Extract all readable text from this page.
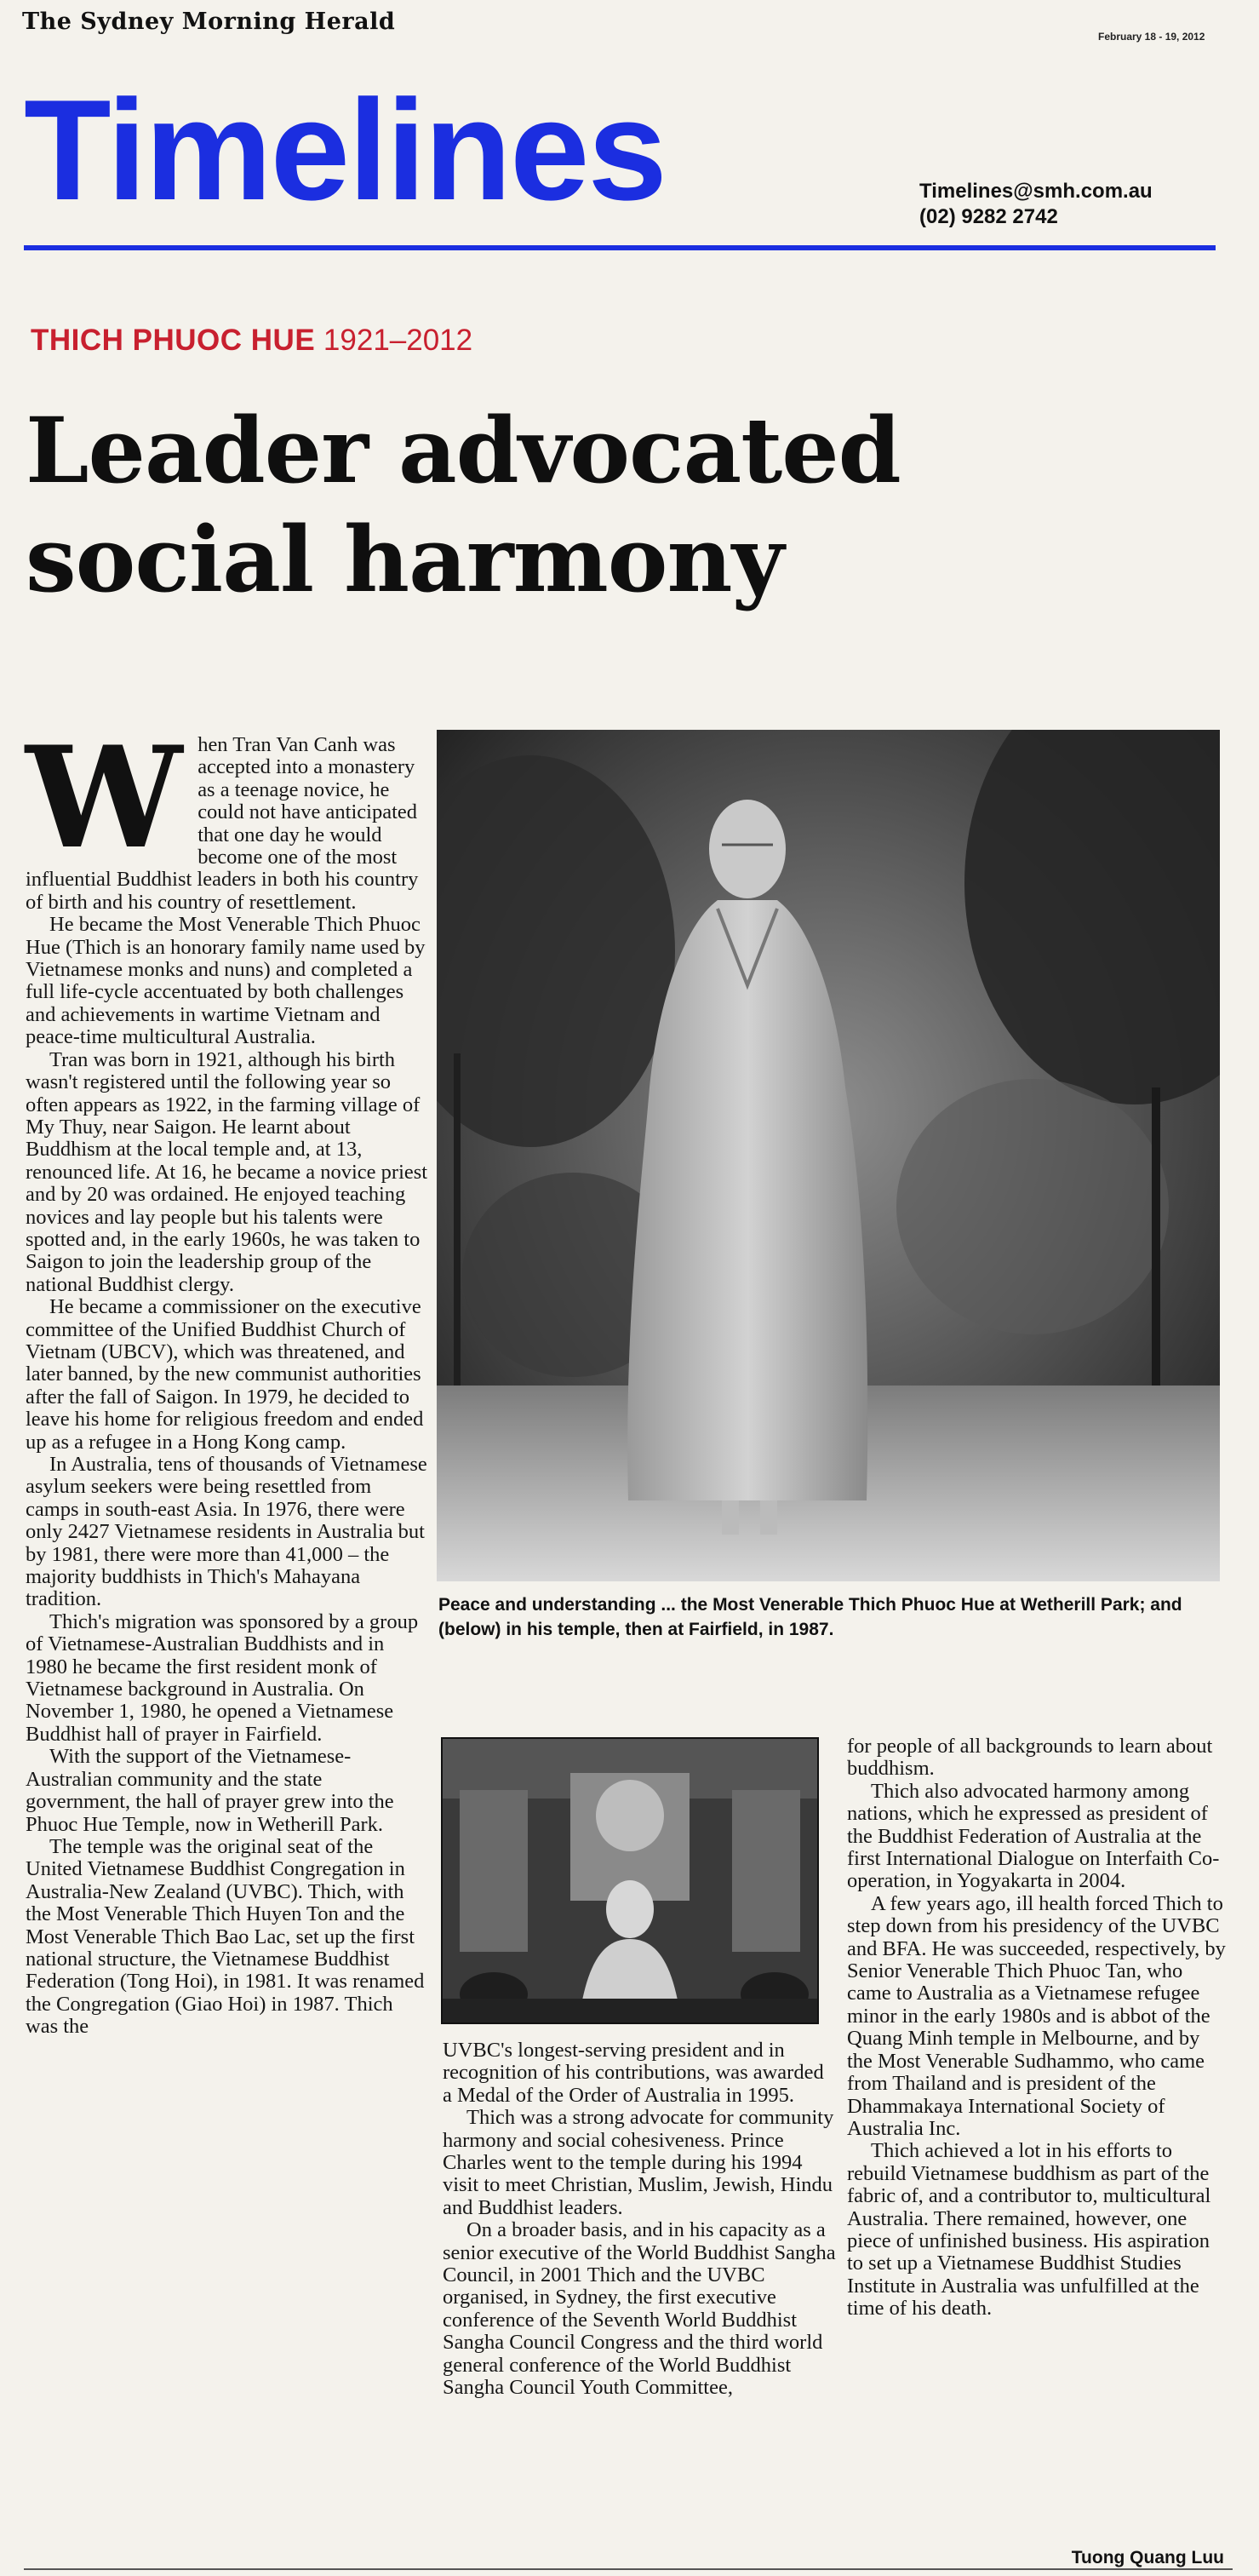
The Sydney Morning Herald
February 18 - 19, 2012
Timelines	Timelines@smh.com.au
(02) 9282 2742
THICH PHUOC HUE 1921–2012
Leader advocated
social harmony

When Tran Van Canh was accepted into a monastery as a teenage novice, he could not have anticipated that one day he would become one of the most influential Buddhist leaders in both his country of birth and his country of resettlement.

He became the Most Venerable Thich Phuoc Hue (Thich is an honorary family name used by Vietnamese monks and nuns) and completed a full life-cycle accentuated by both challenges and achievements in wartime Vietnam and peace-time multicultural Australia.

Tran was born in 1921, although his birth wasn't registered until the following year so often appears as 1922, in the farming village of My Thuy, near Saigon. He learnt about Buddhism at the local temple and, at 13, renounced life. At 16, he became a novice priest and by 20 was ordained. He enjoyed teaching novices and lay people but his talents were spotted and, in the early 1960s, he was taken to Saigon to join the leadership group of the national Buddhist clergy.

He became a commissioner on the executive committee of the Unified Buddhist Church of Vietnam (UBCV), which was threatened, and later banned, by the new communist authorities after the fall of Saigon. In 1979, he decided to leave his home for religious freedom and ended up as a refugee in a Hong Kong camp.

In Australia, tens of thousands of Vietnamese asylum seekers were being resettled from camps in south-east Asia. In 1976, there were only 2427 Vietnamese residents in Australia but by 1981, there were more than 41,000 – the majority buddhists in Thich's Mahayana tradition.

Thich's migration was sponsored by a group of Vietnamese-Australian Buddhists and in 1980 he became the first resident monk of Vietnamese background in Australia. On November 1, 1980, he opened a Vietnamese Buddhist hall of prayer in Fairfield.

With the support of the Vietnamese-Australian community and the state government, the hall of prayer grew into the Phuoc Hue Temple, now in Wetherill Park.

The temple was the original seat of the United Vietnamese Buddhist Congregation in Australia-New Zealand (UVBC). Thich, with the Most Venerable Thich Huyen Ton and the Most Venerable Thich Bao Lac, set up the first national structure, the Vietnamese Buddhist Federation (Tong Hoi), in 1981. It was renamed the Congregation (Giao Hoi) in 1987. Thich was the

Peace and understanding ... the Most Venerable Thich Phuoc Hue at Wetherill Park; and (below) in his temple, then at Fairfield, in 1987.

UVBC's longest-serving president and in recognition of his contributions, was awarded a Medal of the Order of Australia in 1995.

Thich was a strong advocate for community harmony and social cohesiveness. Prince Charles went to the temple during his 1994 visit to meet Christian, Muslim, Jewish, Hindu and Buddhist leaders.

On a broader basis, and in his capacity as a senior executive of the World Buddhist Sangha Council, in 2001 Thich and the UVBC organised, in Sydney, the first executive conference of the Seventh World Buddhist Sangha Council Congress and the third world general conference of the World Buddhist Sangha Council Youth Committee,

for people of all backgrounds to learn about buddhism.

Thich also advocated harmony among nations, which he expressed as president of the Buddhist Federation of Australia at the first International Dialogue on Interfaith Co-operation, in Yogyakarta in 2004.

A few years ago, ill health forced Thich to step down from his presidency of the UVBC and BFA. He was succeeded, respectively, by Senior Venerable Thich Phuoc Tan, who came to Australia as a Vietnamese refugee minor in the early 1980s and is abbot of the Quang Minh temple in Melbourne, and by the Most Venerable Sudhammo, who came from Thailand and is president of the Dhammakaya International Society of Australia Inc.

Thich achieved a lot in his efforts to rebuild Vietnamese buddhism as part of the fabric of, and a contributor to, multicultural Australia. There remained, however, one piece of unfinished business. His aspiration to set up a Vietnamese Buddhist Studies Institute in Australia was unfulfilled at the time of his death.

Tuong Quang Luu
